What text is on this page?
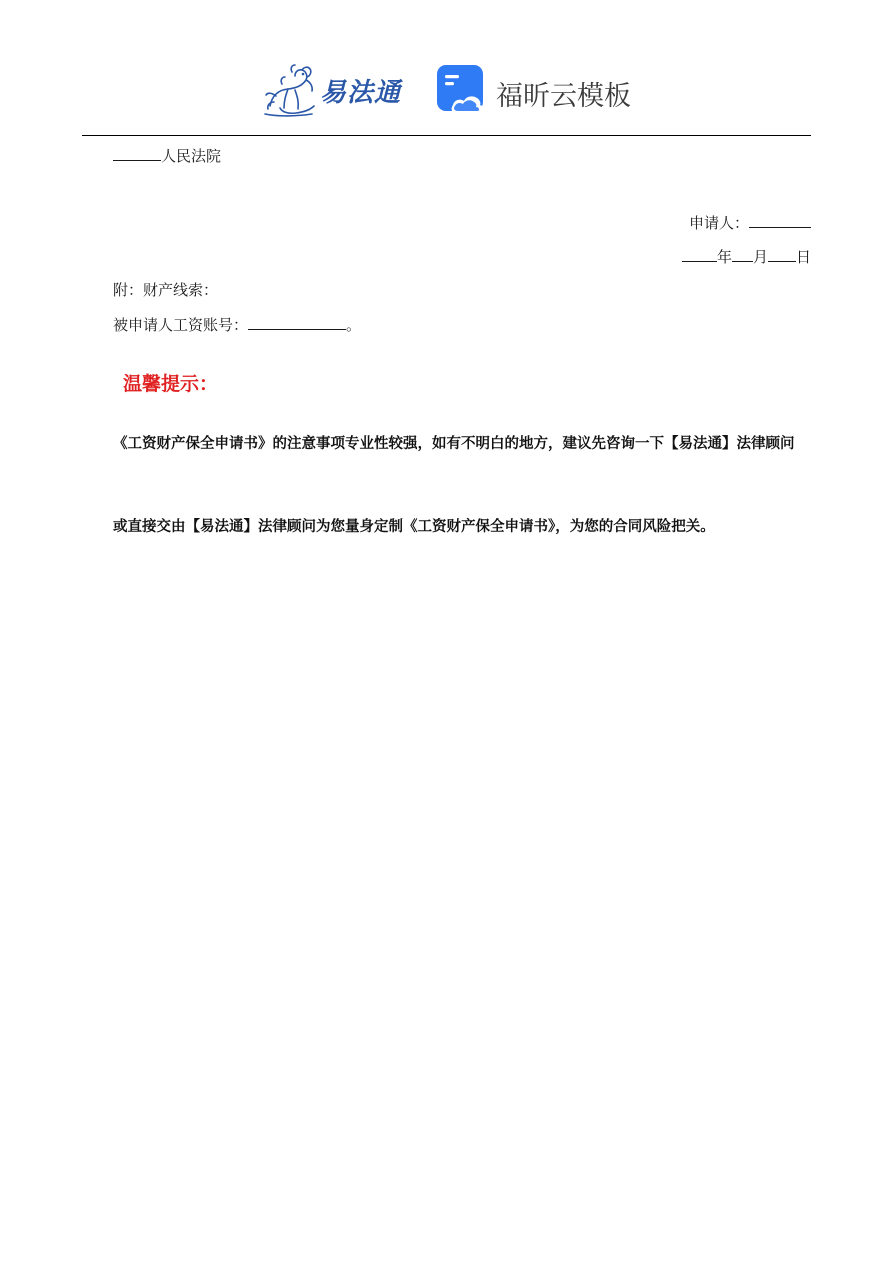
易法通	福昕云模板
人民法院
申请人：
年 月 日
附：财产线索：
被申请人工资账号：	。
温馨提示：
《工资财产保全申请书》的注意事项专业性较强，如有不明白的地方，建议先咨询一下【易法通】法律顾问
或直接交由【易法通】法律顾问为您量身定制《工资财产保全申请书》，为您的合同风险把关。
